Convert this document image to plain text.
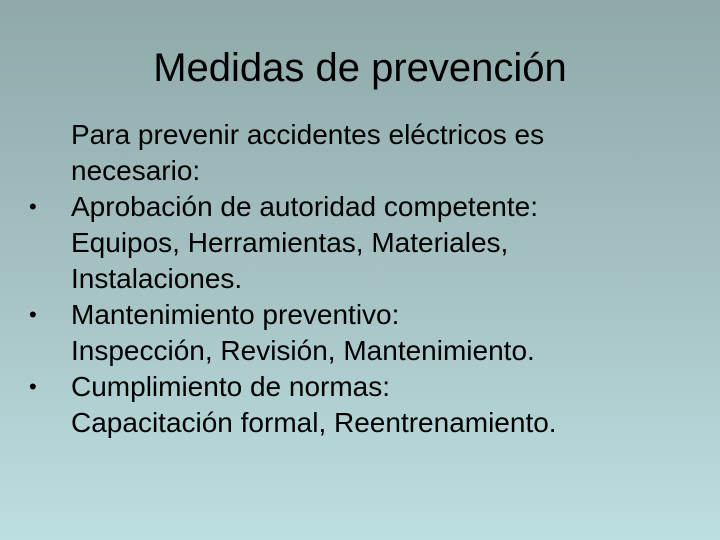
Medidas de prevención
Para prevenir accidentes eléctricos es
necesario:
• Aprobación de autoridad competente:
Equipos, Herramientas, Materiales,
Instalaciones.
• Mantenimiento preventivo:
Inspección, Revisión, Mantenimiento.
• Cumplimiento de normas:
Capacitación formal, Reentrenamiento.
